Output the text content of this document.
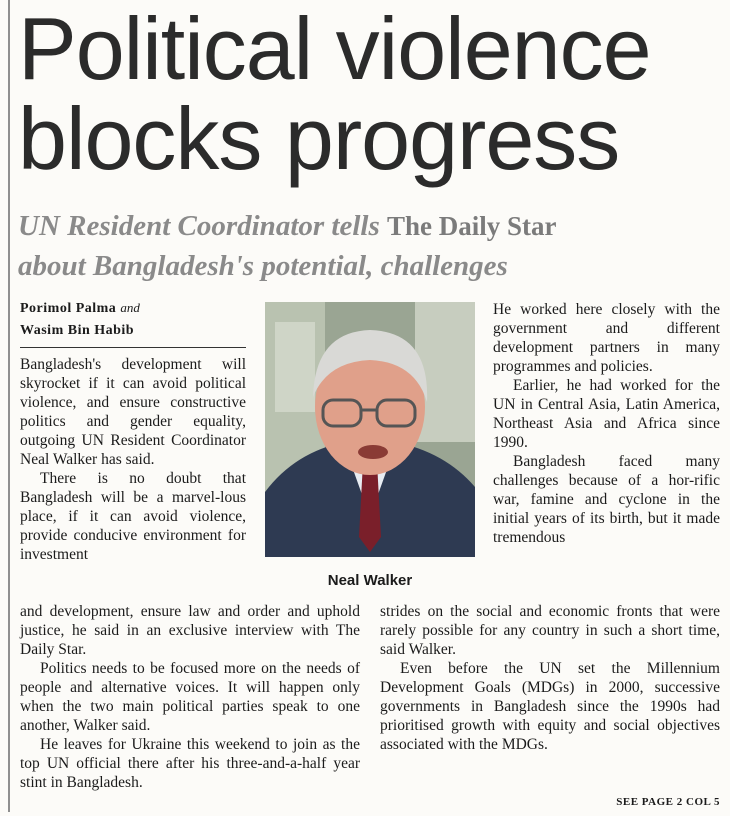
Political violence
blocks progress
UN Resident Coordinator tells The Daily Star
about Bangladesh's potential, challenges
Porimol Palma and
Wasim Bin Habib

Bangladesh's development will skyrocket if it can avoid political violence, and ensure constructive politics and gender equality, outgoing UN Resident Coordinator Neal Walker has said.

There is no doubt that Bangladesh will be a marvel-lous place, if it can avoid violence, provide conducive environment for investment

Neal Walker

He worked here closely with the government and different development partners in many programmes and policies.

Earlier, he had worked for the UN in Central Asia, Latin America, Northeast Asia and Africa since 1990.

Bangladesh faced many challenges because of a hor-rific war, famine and cyclone in the initial years of its birth, but it made tremendous

and development, ensure law and order and uphold justice, he said in an exclusive interview with The Daily Star.

Politics needs to be focused more on the needs of people and alternative voices. It will happen only when the two main political parties speak to one another, Walker said.

He leaves for Ukraine this weekend to join as the top UN official there after his three-and-a-half year stint in Bangladesh.

strides on the social and economic fronts that were rarely possible for any country in such a short time, said Walker.

Even before the UN set the Millennium Development Goals (MDGs) in 2000, successive governments in Bangladesh since the 1990s had prioritised growth with equity and social objectives associated with the MDGs.

SEE PAGE 2 COL 5
